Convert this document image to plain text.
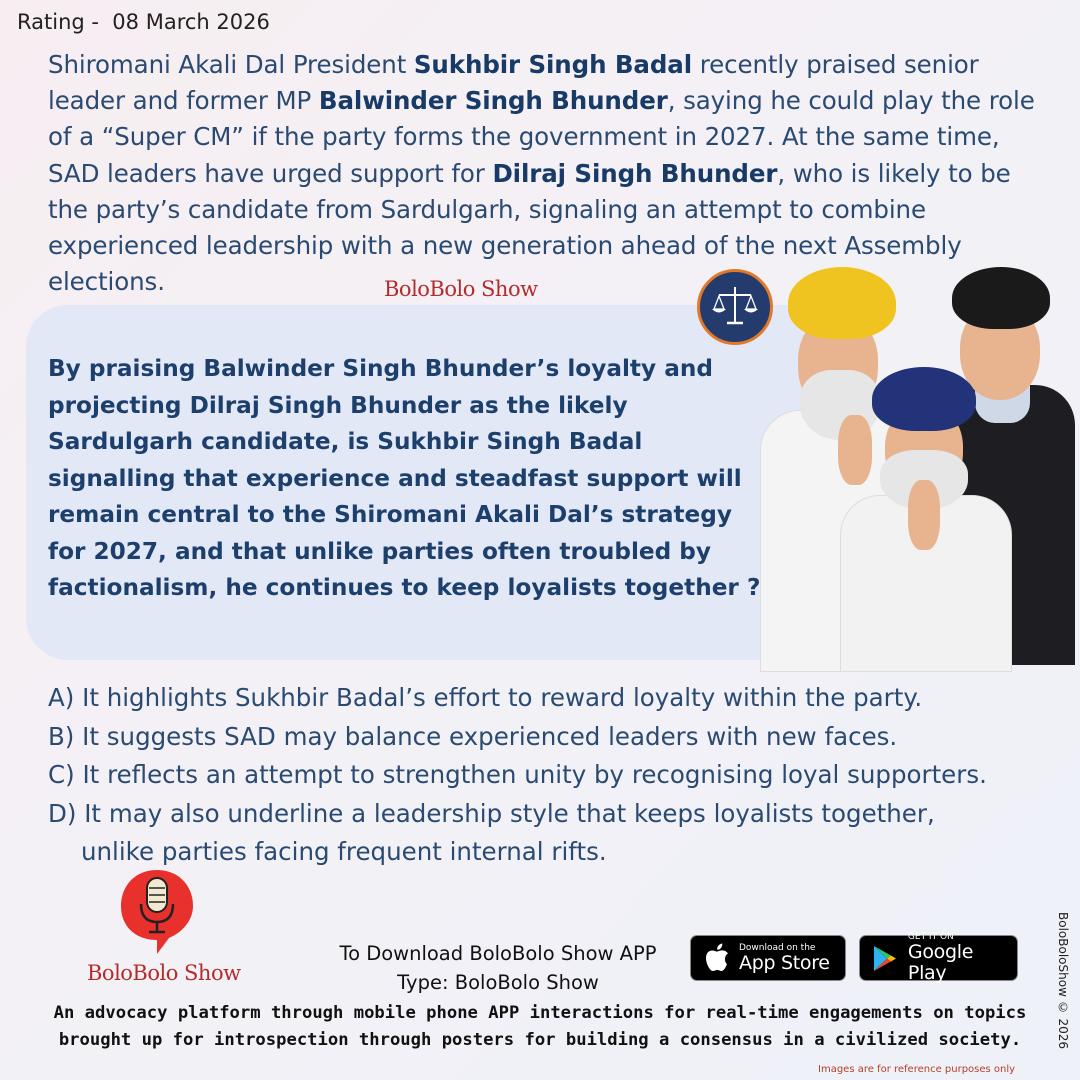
Rating -  08 March 2026
Shiromani Akali Dal President Sukhbir Singh Badal recently praised senior leader and former MP Balwinder Singh Bhunder, saying he could play the role of a “Super CM” if the party forms the government in 2027. At the same time, SAD leaders have urged support for Dilraj Singh Bhunder, who is likely to be the party’s candidate from Sardulgarh, signaling an attempt to combine experienced leadership with a new generation ahead of the next Assembly elections.	BoloBolo Show
By praising Balwinder Singh Bhunder’s loyalty and projecting Dilraj Singh Bhunder as the likely Sardulgarh candidate, is Sukhbir Singh Badal signalling that experience and steadfast support will remain central to the Shiromani Akali Dal’s strategy for 2027, and that unlike parties often troubled by factionalism, he continues to keep loyalists together ?
A) It highlights Sukhbir Badal’s effort to reward loyalty within the party.
B) It suggests SAD may balance experienced leaders with new faces.
C) It reflects an attempt to strengthen unity by recognising loyal supporters.
D) It may also underline a leadership style that keeps loyalists together,
unlike parties facing frequent internal rifts.
BoloBolo Show
To Download BoloBolo Show APP
Type: BoloBolo Show
Download on the
App Store
GET IT ON
Google Play
An advocacy platform through mobile phone APP interactions for real-time engagements on topics
brought up for introspection through posters for building a consensus in a civilized society.	BoloBoloShow © 2026
Images are for reference purposes only
